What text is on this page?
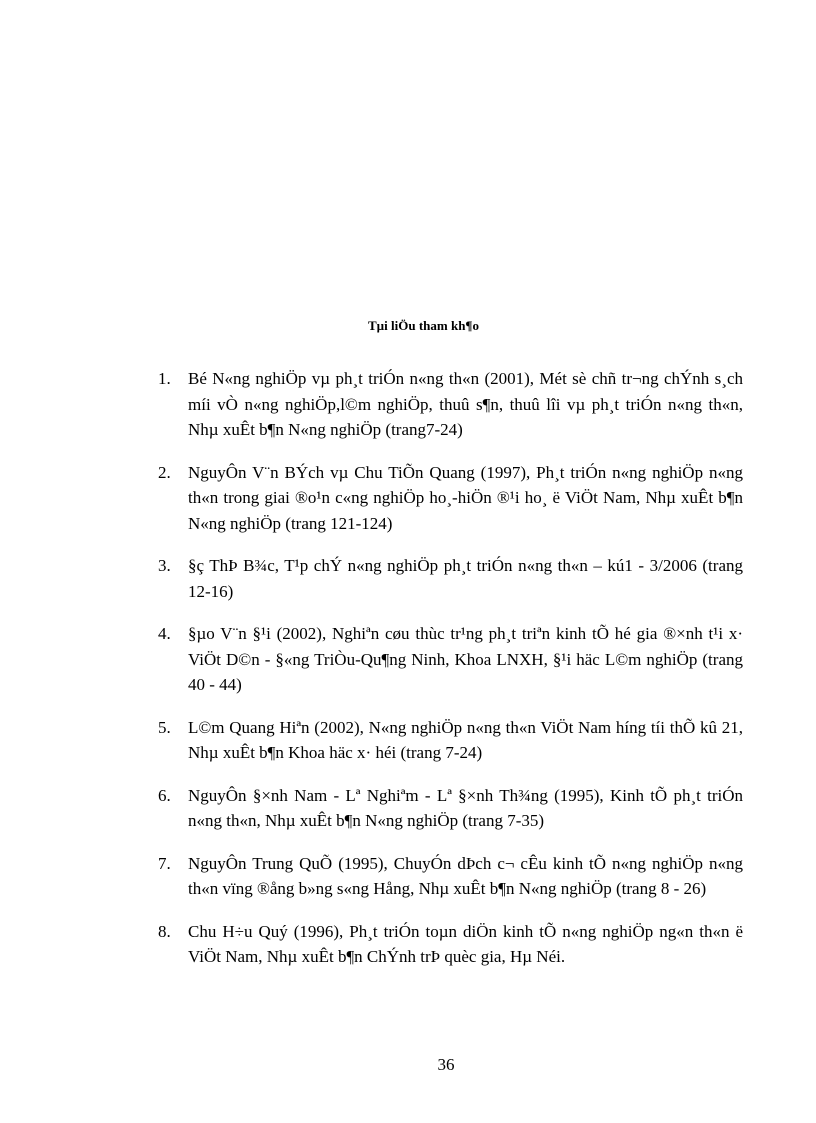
Tµi liÖu tham kh¶o
1. Bé N«ng nghiÖp vµ ph¸t triÓn n«ng th«n (2001), Mét sè chñ tr¬ng chÝnh s¸ch míi vÒ n«ng nghiÖp,l©m nghiÖp, thuû s¶n, thuû lîi vµ ph¸t triÓn n«ng th«n, Nhµ xuÊt b¶n N«ng nghiÖp (trang7-24)
2. NguyÔn V¨n BÝch vµ Chu TiÕn Quang (1997), Ph¸t triÓn n«ng nghiÖp n«ng th«n trong giai ®o¹n c«ng nghiÖp ho¸-hiÖn ®¹i ho¸ ë ViÖt Nam, Nhµ xuÊt b¶n N«ng nghiÖp (trang 121-124)
3. §ç ThÞ B¾c, T¹p chÝ n«ng nghiÖp ph¸t triÓn n«ng th«n – kú1 - 3/2006 (trang 12-16)
4. §µo V¨n §¹i (2002), Nghiªn cøu thùc tr¹ng ph¸t triªn kinh tÕ hé gia ®×nh t¹i x· ViÖt D©n - §«ng TriÒu-Qu¶ng Ninh, Khoa LNXH, §¹i häc L©m nghiÖp (trang 40 - 44)
5. L©m Quang Hiªn (2002), N«ng nghiÖp n«ng th«n ViÖt Nam híng tíi thÕ kû 21, Nhµ xuÊt b¶n Khoa häc x· héi (trang 7-24)
6. NguyÔn §×nh Nam - Lª Nghiªm - Lª §×nh Th¾ng (1995), Kinh tÕ ph¸t triÓn n«ng th«n, Nhµ xuÊt b¶n N«ng nghiÖp (trang 7-35)
7. NguyÔn Trung QuÕ (1995), ChuyÓn dÞch c¬ cÊu kinh tÕ n«ng nghiÖp n«ng th«n vïng ®ång b»ng s«ng Hång, Nhµ xuÊt b¶n N«ng nghiÖp (trang 8 - 26)
8. Chu H÷u Quý (1996), Ph¸t triÓn toµn diÖn kinh tÕ n«ng nghiÖp ng«n th«n ë ViÖt Nam, Nhµ xuÊt b¶n ChÝnh trÞ quèc gia, Hµ Néi.
36
